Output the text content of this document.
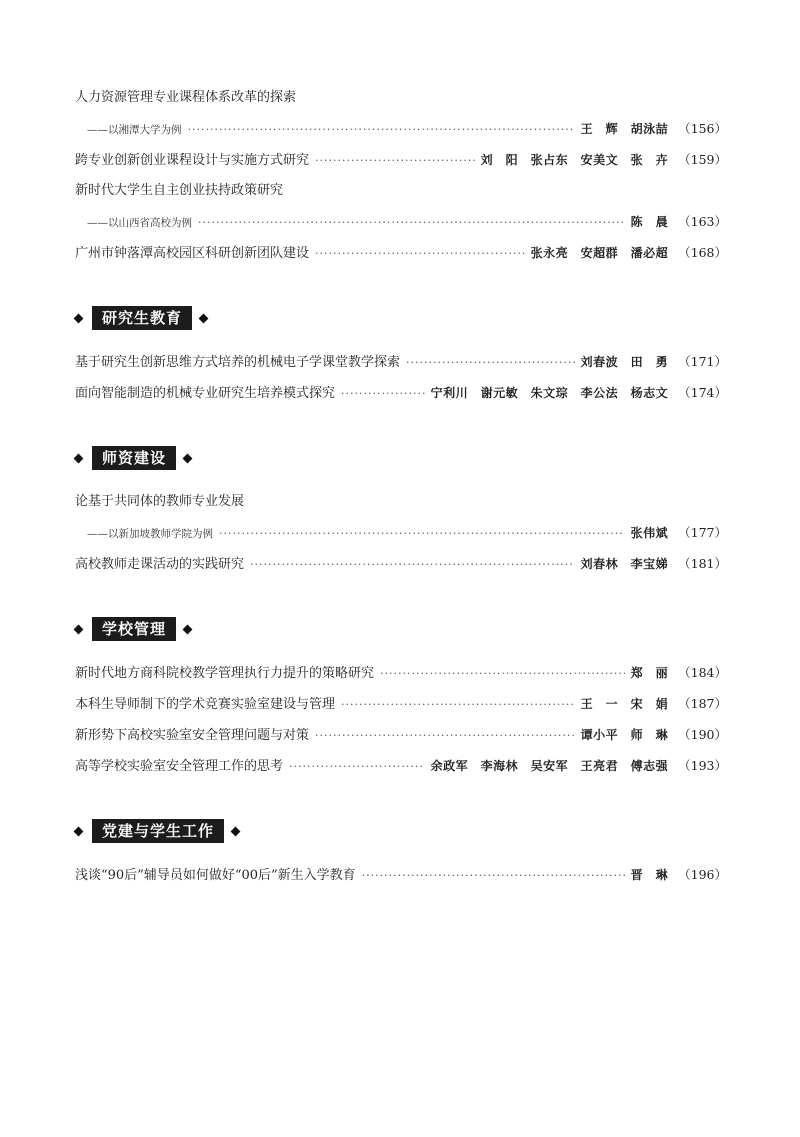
人力资源管理专业课程体系改革的探索
——以湘潭大学为例 ·····	王　辉　胡泳喆 （156）
跨专业创新创业课程设计与实施方式研究 ·····	刘　阳　张占东　安美文　张　卉 （159）
新时代大学生自主创业扶持政策研究
——以山西省高校为例 ·····	陈　晨 （163）
广州市钟落潭高校园区科研创新团队建设 ·····	张永亮　安超群　潘必超 （168）
研究生教育
基于研究生创新思维方式培养的机械电子学课堂教学探索 ·····	刘春波　田　勇 （171）
面向智能制造的机械专业研究生培养模式探究 ·····	宁利川　谢元敏　朱文琮　李公法　杨志文 （174）
师资建设
论基于共同体的教师专业发展
——以新加坡教师学院为例 ·····	张伟斌 （177）
高校教师走课活动的实践研究 ·····	刘春林　李宝娣 （181）
学校管理
新时代地方商科院校教学管理执行力提升的策略研究 ·····	郑　丽 （184）
本科生导师制下的学术竞赛实验室建设与管理 ·····	王　一　宋　娟 （187）
新形势下高校实验室安全管理问题与对策 ·····	谭小平　师　琳 （190）
高等学校实验室安全管理工作的思考 ·····	余政军　李海林　吴安军　王亮君　傅志强 （193）
党建与学生工作
浅谈“90后”辅导员如何做好“00后”新生入学教育 ·····	晋　琳 （196）
